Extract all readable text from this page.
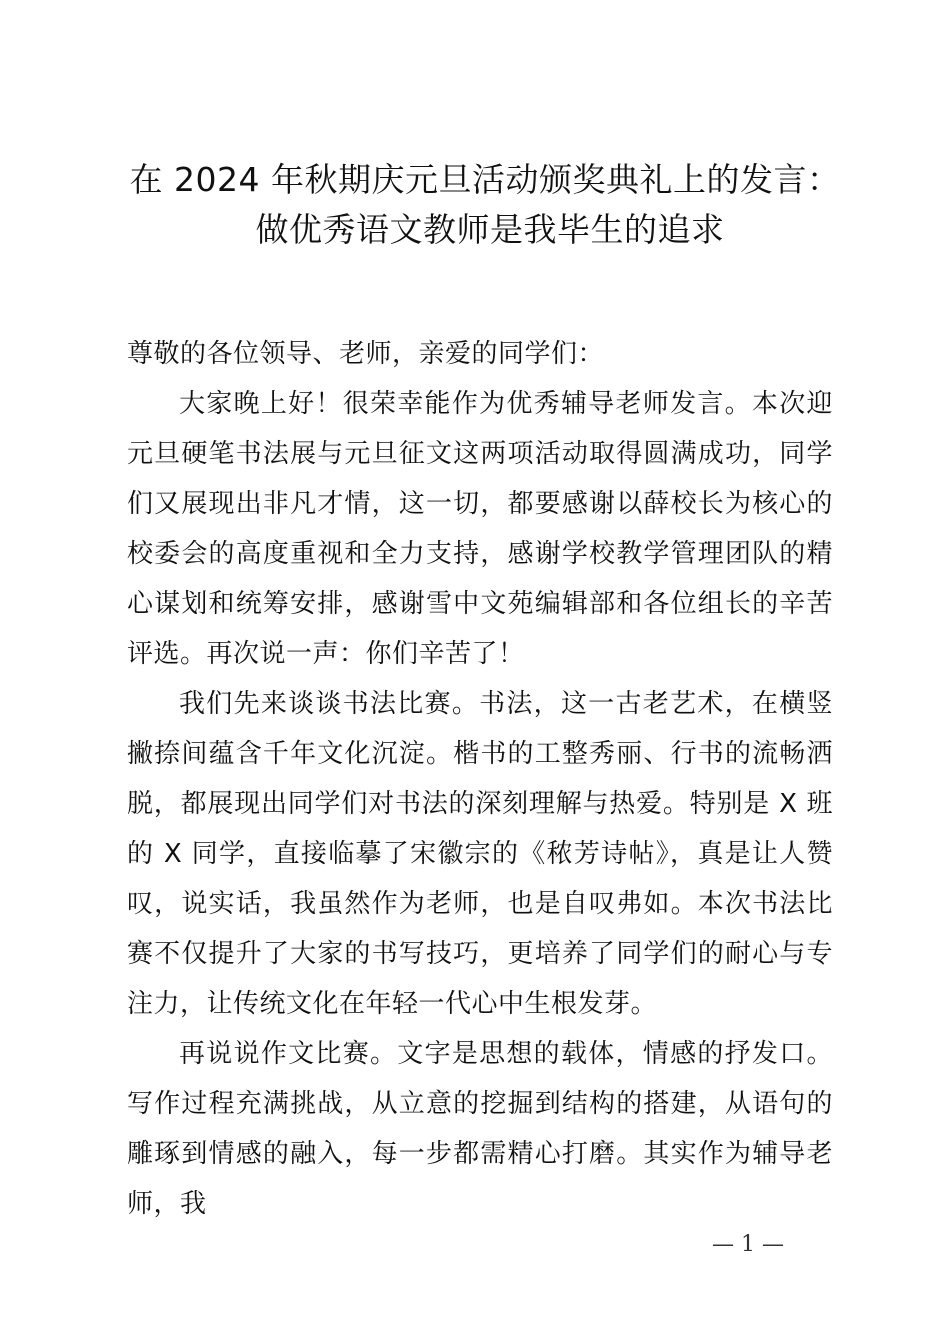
在 2024 年秋期庆元旦活动颁奖典礼上的发言：
做优秀语文教师是我毕生的追求

尊敬的各位领导、老师，亲爱的同学们：

大家晚上好！很荣幸能作为优秀辅导老师发言。本次迎元旦硬笔书法展与元旦征文这两项活动取得圆满成功，同学们又展现出非凡才情，这一切，都要感谢以薛校长为核心的校委会的高度重视和全力支持，感谢学校教学管理团队的精心谋划和统筹安排，感谢雪中文苑编辑部和各位组长的辛苦评选。再次说一声：你们辛苦了！

我们先来谈谈书法比赛。书法，这一古老艺术，在横竖撇捺间蕴含千年文化沉淀。楷书的工整秀丽、行书的流畅洒脱，都展现出同学们对书法的深刻理解与热爱。特别是 X 班的 X 同学，直接临摹了宋徽宗的《秾芳诗帖》，真是让人赞叹，说实话，我虽然作为老师，也是自叹弗如。本次书法比赛不仅提升了大家的书写技巧，更培养了同学们的耐心与专注力，让传统文化在年轻一代心中生根发芽。

再说说作文比赛。文字是思想的载体，情感的抒发口。写作过程充满挑战，从立意的挖掘到结构的搭建，从语句的雕琢到情感的融入，每一步都需精心打磨。其实作为辅导老师，我

— 1 —
